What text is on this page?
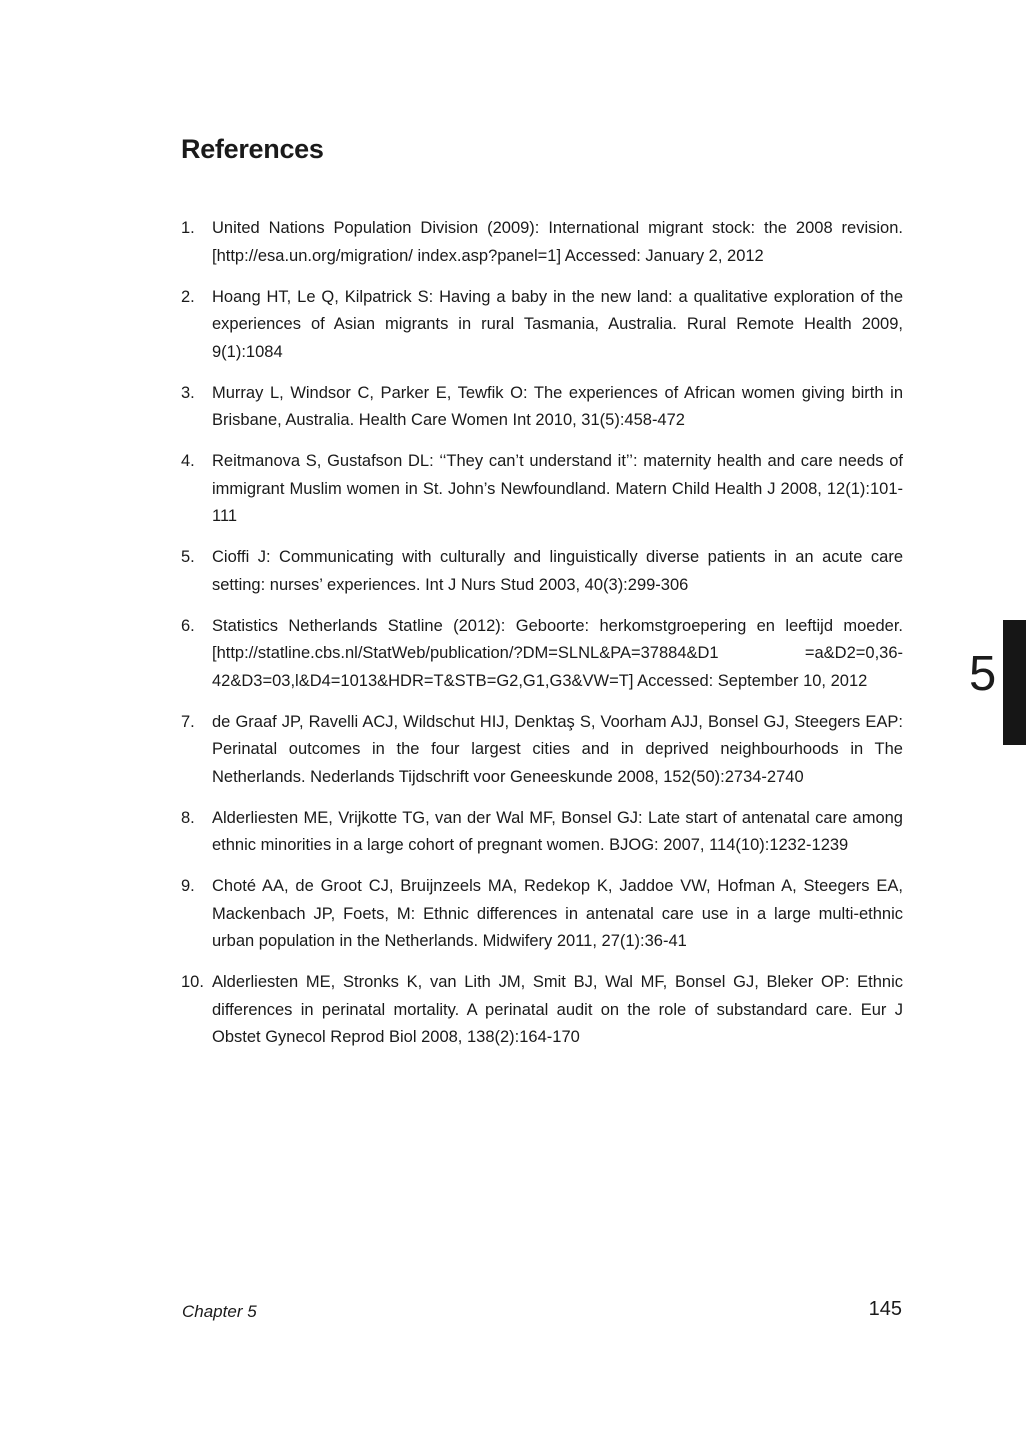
References
1.	United Nations Population Division (2009): International migrant stock: the 2008 revision. [http://esa.un.org/migration/ index.asp?panel=1] Accessed: January 2, 2012
2.	Hoang HT, Le Q, Kilpatrick S: Having a baby in the new land: a qualitative exploration of the experiences of Asian migrants in rural Tasmania, Australia. Rural Remote Health 2009, 9(1):1084
3.	Murray L, Windsor C, Parker E, Tewfik O: The experiences of African women giving birth in Brisbane, Australia. Health Care Women Int 2010, 31(5):458-472
4.	Reitmanova S, Gustafson DL: ‘‘They can’t understand it’’: maternity health and care needs of immigrant Muslim women in St. John’s Newfoundland. Matern Child Health J 2008, 12(1):101-111
5.	Cioffi J: Communicating with culturally and linguistically diverse patients in an acute care setting: nurses’ experiences. Int J Nurs Stud 2003, 40(3):299-306
6.	Statistics Netherlands Statline (2012): Geboorte: herkomstgroepering en leeftijd moeder. [http://statline.cbs.nl/StatWeb/publication/?DM=SLNL&PA=37884&D1 =a&D2=0,36-42&D3=03,l&D4=1013&HDR=T&STB=G2,G1,G3&VW=T] Accessed: September 10, 2012
7.	de Graaf JP, Ravelli ACJ, Wildschut HIJ, Denktaş S, Voorham AJJ, Bonsel GJ, Steegers EAP: Perinatal outcomes in the four largest cities and in deprived neighbourhoods in The Netherlands. Nederlands Tijdschrift voor Geneeskunde 2008, 152(50):2734-2740
8.	Alderliesten ME, Vrijkotte TG, van der Wal MF, Bonsel GJ: Late start of antenatal care among ethnic minorities in a large cohort of pregnant women. BJOG: 2007, 114(10):1232-1239
9.	Choté AA, de Groot CJ, Bruijnzeels MA, Redekop K, Jaddoe VW, Hofman A, Steegers EA, Mackenbach JP, Foets, M: Ethnic differences in antenatal care use in a large multi-ethnic urban population in the Netherlands. Midwifery 2011, 27(1):36-41
10. Alderliesten ME, Stronks K, van Lith JM, Smit BJ, Wal MF, Bonsel GJ, Bleker OP: Ethnic differences in perinatal mortality. A perinatal audit on the role of substandard care. Eur J Obstet Gynecol Reprod Biol 2008, 138(2):164-170
5
Chapter 5	145
